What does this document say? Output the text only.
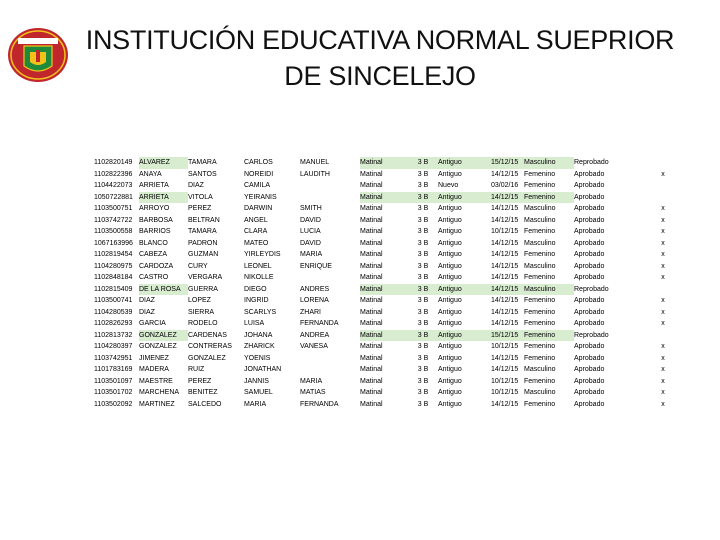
INSTITUCIÓN EDUCATIVA NORMAL SUEPRIOR
DE SINCELEJO
1102820149	ALVAREZ	TAMARA	CARLOS	MANUEL	Matinal	3 B	Antiguo	15/12/15	Masculino	Reprobado	
1102822396	ANAYA	SANTOS	NOREIDI	LAUDITH	Matinal	3 B	Antiguo	14/12/15	Femenino	Aprobado	x
1104422073	ARRIETA	DIAZ	CAMILA		Matinal	3 B	Nuevo	03/02/16	Femenino	Aprobado	
1050722881	ARRIETA	VITOLA	YEIRANIS		Matinal	3 B	Antiguo	14/12/15	Femenino	Aprobado	
1103500751	ARROYO	PEREZ	DARWIN	SMITH	Matinal	3 B	Antiguo	14/12/15	Masculino	Aprobado	x
1103742722	BARBOSA	BELTRAN	ANGEL	DAVID	Matinal	3 B	Antiguo	14/12/15	Masculino	Aprobado	x
1103500558	BARRIOS	TAMARA	CLARA	LUCIA	Matinal	3 B	Antiguo	10/12/15	Femenino	Aprobado	x
1067163996	BLANCO	PADRON	MATEO	DAVID	Matinal	3 B	Antiguo	14/12/15	Masculino	Aprobado	x
1102819454	CABEZA	GUZMAN	YIRLEYDIS	MARIA	Matinal	3 B	Antiguo	14/12/15	Femenino	Aprobado	x
1104280975	CARDOZA	CURY	LEONEL	ENRIQUE	Matinal	3 B	Antiguo	14/12/15	Masculino	Aprobado	x
1102848184	CASTRO	VERGARA	NIKOLLE		Matinal	3 B	Antiguo	14/12/15	Femenino	Aprobado	x
1102815409	DE LA ROSA	GUERRA	DIEGO	ANDRES	Matinal	3 B	Antiguo	14/12/15	Masculino	Reprobado	
1103500741	DIAZ	LOPEZ	INGRID	LORENA	Matinal	3 B	Antiguo	14/12/15	Femenino	Aprobado	x
1104280539	DIAZ	SIERRA	SCARLYS	ZHARI	Matinal	3 B	Antiguo	14/12/15	Femenino	Aprobado	x
1102826293	GARCIA	RODELO	LUISA	FERNANDA	Matinal	3 B	Antiguo	14/12/15	Femenino	Aprobado	x
1102813732	GONZALEZ	CARDENAS	JOHANA	ANDREA	Matinal	3 B	Antiguo	15/12/15	Femenino	Reprobado	
1104280397	GONZALEZ	CONTRERAS	ZHARICK	VANESA	Matinal	3 B	Antiguo	10/12/15	Femenino	Aprobado	x
1103742951	JIMENEZ	GONZALEZ	YOENIS		Matinal	3 B	Antiguo	14/12/15	Femenino	Aprobado	x
1101783169	MADERA	RUIZ	JONATHAN		Matinal	3 B	Antiguo	14/12/15	Masculino	Aprobado	x
1103501097	MAESTRE	PEREZ	JANNIS	MARIA	Matinal	3 B	Antiguo	10/12/15	Femenino	Aprobado	x
1103501702	MARCHENA	BENITEZ	SAMUEL	MATIAS	Matinal	3 B	Antiguo	10/12/15	Masculino	Aprobado	x
1103502092	MARTINEZ	SALCEDO	MARIA	FERNANDA	Matinal	3 B	Antiguo	14/12/15	Femenino	Aprobado	x
